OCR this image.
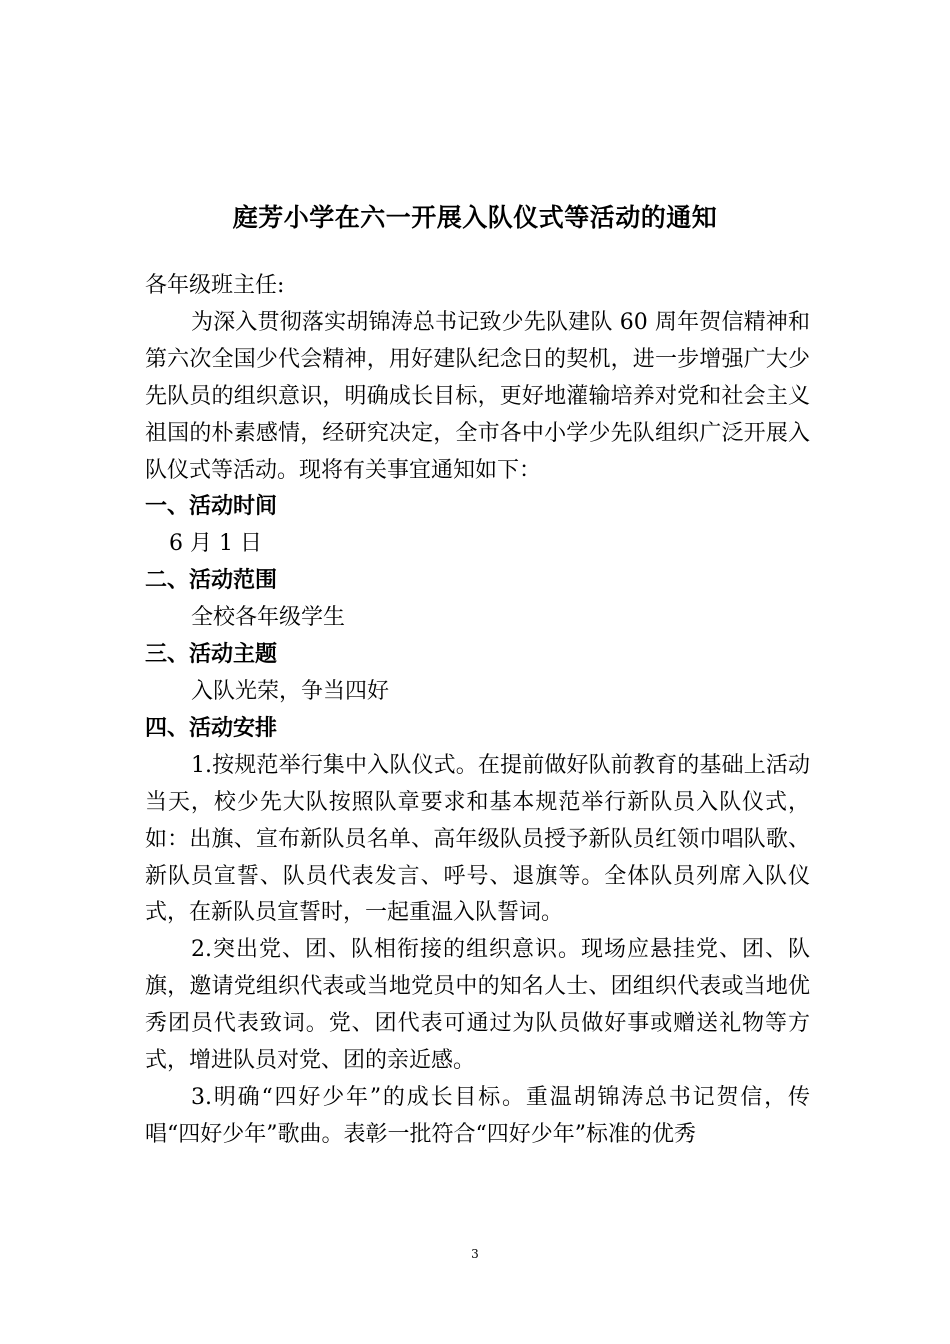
庭芳小学在六一开展入队仪式等活动的通知

各年级班主任:

为深入贯彻落实胡锦涛总书记致少先队建队 60 周年贺信精神和第六次全国少代会精神，用好建队纪念日的契机，进一步增强广大少先队员的组织意识，明确成长目标，更好地灌输培养对党和社会主义祖国的朴素感情，经研究决定，全市各中小学少先队组织广泛开展入队仪式等活动。现将有关事宜通知如下：

一、活动时间

6 月 1 日

二、活动范围

全校各年级学生

三、活动主题

入队光荣，争当四好

四、活动安排

1.按规范举行集中入队仪式。在提前做好队前教育的基础上活动当天，校少先大队按照队章要求和基本规范举行新队员入队仪式，如：出旗、宣布新队员名单、高年级队员授予新队员红领巾唱队歌、新队员宣誓、队员代表发言、呼号、退旗等。全体队员列席入队仪式，在新队员宣誓时，一起重温入队誓词。

2.突出党、团、队相衔接的组织意识。现场应悬挂党、团、队旗，邀请党组织代表或当地党员中的知名人士、团组织代表或当地优秀团员代表致词。党、团代表可通过为队员做好事或赠送礼物等方式，增进队员对党、团的亲近感。

3.明确“四好少年”的成长目标。重温胡锦涛总书记贺信，传唱“四好少年”歌曲。表彰一批符合“四好少年”标准的优秀

3
